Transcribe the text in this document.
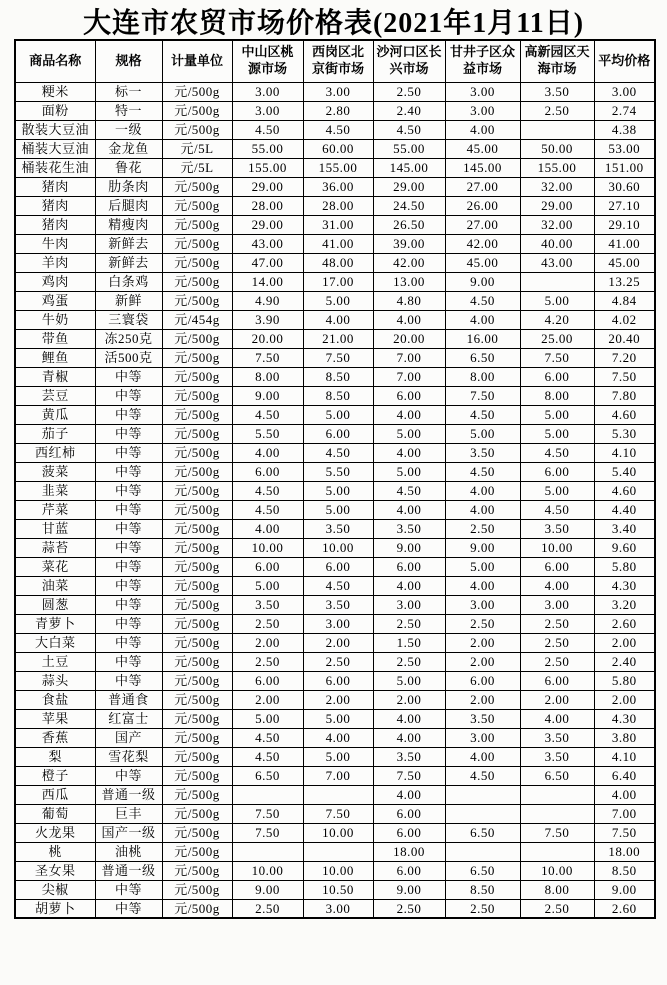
大连市农贸市场价格表(2021年1月11日)
商品名称	规格	计量单位	中山区桃源市场	西岗区北京街市场	沙河口区长兴市场	甘井子区众益市场	高新园区天海市场	平均价格
粳米	标一	元/500g	3.00	3.00	2.50	3.00	3.50	3.00
面粉	特一	元/500g	3.00	2.80	2.40	3.00	2.50	2.74
散装大豆油	一级	元/500g	4.50	4.50	4.50	4.00		4.38
桶装大豆油	金龙鱼	元/5L	55.00	60.00	55.00	45.00	50.00	53.00
桶装花生油	鲁花	元/5L	155.00	155.00	145.00	145.00	155.00	151.00
猪肉	肋条肉	元/500g	29.00	36.00	29.00	27.00	32.00	30.60
猪肉	后腿肉	元/500g	28.00	28.00	24.50	26.00	29.00	27.10
猪肉	精瘦肉	元/500g	29.00	31.00	26.50	27.00	32.00	29.10
牛肉	新鲜去	元/500g	43.00	41.00	39.00	42.00	40.00	41.00
羊肉	新鲜去	元/500g	47.00	48.00	42.00	45.00	43.00	45.00
鸡肉	白条鸡	元/500g	14.00	17.00	13.00	9.00		13.25
鸡蛋	新鲜	元/500g	4.90	5.00	4.80	4.50	5.00	4.84
牛奶	三寰袋	元/454g	3.90	4.00	4.00	4.00	4.20	4.02
带鱼	冻250克	元/500g	20.00	21.00	20.00	16.00	25.00	20.40
鲤鱼	活500克	元/500g	7.50	7.50	7.00	6.50	7.50	7.20
青椒	中等	元/500g	8.00	8.50	7.00	8.00	6.00	7.50
芸豆	中等	元/500g	9.00	8.50	6.00	7.50	8.00	7.80
黄瓜	中等	元/500g	4.50	5.00	4.00	4.50	5.00	4.60
茄子	中等	元/500g	5.50	6.00	5.00	5.00	5.00	5.30
西红柿	中等	元/500g	4.00	4.50	4.00	3.50	4.50	4.10
菠菜	中等	元/500g	6.00	5.50	5.00	4.50	6.00	5.40
韭菜	中等	元/500g	4.50	5.00	4.50	4.00	5.00	4.60
芹菜	中等	元/500g	4.50	5.00	4.00	4.00	4.50	4.40
甘蓝	中等	元/500g	4.00	3.50	3.50	2.50	3.50	3.40
蒜苔	中等	元/500g	10.00	10.00	9.00	9.00	10.00	9.60
菜花	中等	元/500g	6.00	6.00	6.00	5.00	6.00	5.80
油菜	中等	元/500g	5.00	4.50	4.00	4.00	4.00	4.30
圆葱	中等	元/500g	3.50	3.50	3.00	3.00	3.00	3.20
青萝卜	中等	元/500g	2.50	3.00	2.50	2.50	2.50	2.60
大白菜	中等	元/500g	2.00	2.00	1.50	2.00	2.50	2.00
土豆	中等	元/500g	2.50	2.50	2.50	2.00	2.50	2.40
蒜头	中等	元/500g	6.00	6.00	5.00	6.00	6.00	5.80
食盐	普通食	元/500g	2.00	2.00	2.00	2.00	2.00	2.00
苹果	红富士	元/500g	5.00	5.00	4.00	3.50	4.00	4.30
香蕉	国产	元/500g	4.50	4.00	4.00	3.00	3.50	3.80
梨	雪花梨	元/500g	4.50	5.00	3.50	4.00	3.50	4.10
橙子	中等	元/500g	6.50	7.00	7.50	4.50	6.50	6.40
西瓜	普通一级	元/500g			4.00			4.00
葡萄	巨丰	元/500g	7.50	7.50	6.00			7.00
火龙果	国产一级	元/500g	7.50	10.00	6.00	6.50	7.50	7.50
桃	油桃	元/500g			18.00			18.00
圣女果	普通一级	元/500g	10.00	10.00	6.00	6.50	10.00	8.50
尖椒	中等	元/500g	9.00	10.50	9.00	8.50	8.00	9.00
胡萝卜	中等	元/500g	2.50	3.00	2.50	2.50	2.50	2.60
